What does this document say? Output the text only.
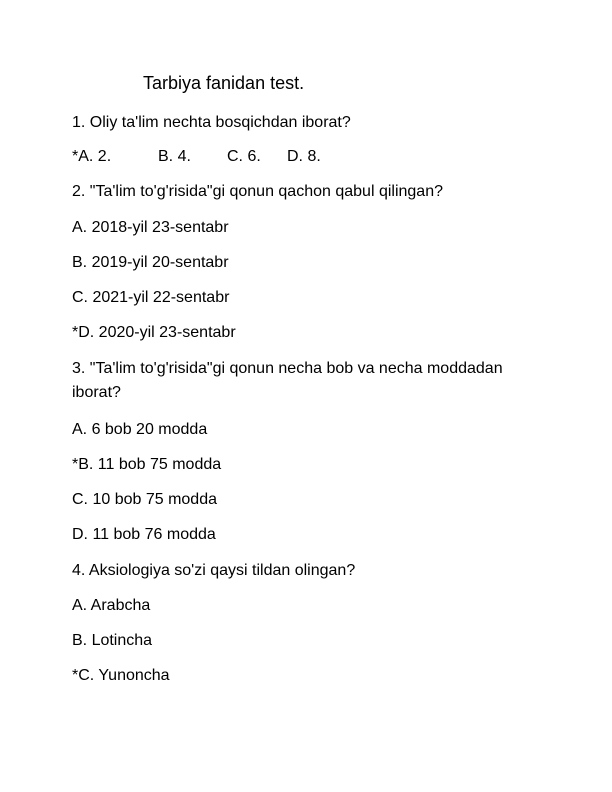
Tarbiya fanidan test.
1. Oliy ta'lim nechta bosqichdan iborat?
*A. 2.	B. 4. C. 6. D. 8.
2. "Ta'lim to'g'risida"gi qonun qachon qabul qilingan?
A. 2018-yil 23-sentabr
B. 2019-yil 20-sentabr
C. 2021-yil 22-sentabr
*D. 2020-yil 23-sentabr
3. "Ta'lim to'g'risida"gi qonun necha bob va necha moddadan iborat?
A. 6 bob 20 modda
*B. 11 bob 75 modda
C. 10 bob 75 modda
D. 11 bob 76 modda
4. Aksiologiya so'zi qaysi tildan olingan?
A. Arabcha
B. Lotincha
*C. Yunoncha
